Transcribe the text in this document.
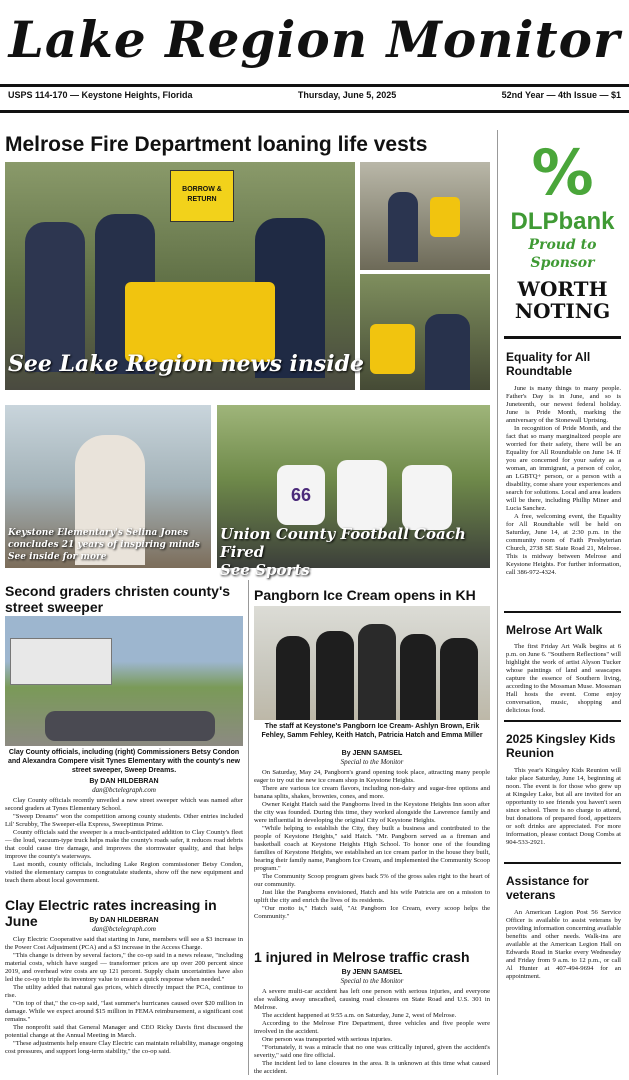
Lake Region Monitor
USPS 114-170 — Keystone Heights, Florida	Thursday, June 5, 2025	52nd Year — 4th Issue — $1
Melrose Fire Department loaning life vests
BORROW &
RETURN
See Lake Region news inside
Keystone Elementary's Selina Jones
concludes 21 years of inspiring minds
See inside for more
66
Union County Football Coach Fired
See Sports
Second graders christen county's street sweeper
Clay County officials, including (right) Commissioners Betsy Condon and Alexandra Compere visit Tynes Elementary with the county's new street sweeper, Sweep Dreams.
By DAN HILDEBRAN
dan@bctelegraph.com

Clay County officials recently unveiled a new street sweeper which was named after second graders at Tynes Elementary School.

"Sweep Dreams" won the competition among county students. Other entries included Lil' Scrubby, The Sweeper-ella Express, Sweeptimus Prime.

County officials said the sweeper is a much-anticipated addition to Clay County's fleet — the loud, vacuum-type truck helps make the county's roads safer, it reduces road debris that could cause tire damage, and improves the stormwater quality, and that helps improve the county's waterways.

Last month, county officials, including Lake Region commissioner Betsy Condon, visited the elementary campus to congratulate students, show off the new equipment and teach them about local government.

Clay Electric rates increasing in June	By DAN HILDEBRAN
dan@bctelegraph.com

Clay Electric Cooperative said that starting in June, members will see a $3 increase in the Power Cost Adjustment (PCA) and a $3 increase in the Access Charge.

"This change is driven by several factors," the co-op said in a news release, "including material costs, which have surged — transformer prices are up over 200 percent since 2019, and overhead wire costs are up 121 percent. Supply chain uncertainties have also led the co-op to triple its inventory value to ensure a quick response when needed."

The utility added that natural gas prices, which directly impact the PCA, continue to rise.

"On top of that," the co-op said, "last summer's hurricanes caused over $20 million in damage. While we expect around $15 million in FEMA reimbursement, a significant cost remains."

The nonprofit said that General Manager and CEO Ricky Davis first discussed the potential change at the Annual Meeting in March.

"These adjustments help ensure Clay Electric can maintain reliability, manage ongoing cost pressures, and support long-term stability," the co-op said.

Pangborn Ice Cream opens in KH
The staff at Keystone's Pangborn Ice Cream- Ashlyn Brown, Erik Fehley, Samm Fehley, Keith Hatch, Patricia Hatch and Emma Miller
By JENN SAMSEL
Special to the Monitor

On Saturday, May 24, Pangborn's grand opening took place, attracting many people eager to try out the new ice cream shop in Keystone Heights.

There are various ice cream flavors, including non-dairy and sugar-free options and banana splits, shakes, brownies, cones, and more.

Owner Keight Hatch said the Pangborns lived in the Keystone Heights Inn soon after the city was founded. During this time, they worked alongside the Lawrence family and were influential in developing the original City of Keystone Heights.

"While helping to establish the City, they built a business and contributed to the people of Keystone Heights," said Hatch. "Mr. Pangborn served as a fireman and basketball coach at Keystone Heights High School. To honor one of the founding families of Keystone Heights, we established an ice cream parlor in the house they built, bearing their family name, Pangborn Ice Cream, and implemented the Community Scoop program."

The Community Scoop program gives back 5% of the gross sales right to the heart of our community.

Just like the Pangborns envisioned, Hatch and his wife Patricia are on a mission to uplift the city and enrich the lives of its residents.

"Our motto is," Hatch said, "At Pangborn Ice Cream, every scoop helps the Community."

1 injured in Melrose traffic crash
By JENN SAMSEL
Special to the Monitor

A severe multi-car accident has left one person with serious injuries, and everyone else walking away unscathed, causing road closures on State Road and U.S. 301 in Melrose.

The accident happened at 9:55 a.m. on Saturday, June 2, west of Melrose.

According to the Melrose Fire Department, three vehicles and five people were involved in the accident.

One person was transported with serious injuries.

"Fortunately, it was a miracle that no one was critically injured, given the accident's severity," said one fire official.

The incident led to lane closures in the area. It is unknown at this time what caused the accident.

%
DLPbank
Proud to Sponsor
WORTH
NOTING
Equality for All Roundtable

June is many things to many people. Father's Day is in June, and so is Juneteenth, our newest federal holiday. June is Pride Month, marking the anniversary of the Stonewall Uprising.

In recognition of Pride Month, and the fact that so many marginalized people are worried for their safety, there will be an Equality for All Roundtable on June 14. If you are concerned for your safety as a woman, an immigrant, a person of color, an LGBTQ+ person, or a person with a disability, come share your experiences and search for solutions. Local and area leaders will be there, including Phillip Miner and Lucia Sanchez.

A free, welcoming event, the Equality for All Roundtable will be held on Saturday, June 14, at 2:30 p.m. in the community room of Faith Presbyterian Church, 2738 SE State Road 21, Melrose. This is midway between Melrose and Keystone Heights. For further information, call 386-972-4324.

Melrose Art Walk

The first Friday Art Walk begins at 6 p.m. on June 6. "Southern Reflections" will highlight the work of artist Alyson Tucker whose paintings of land and seascapes capture the essence of Southern living, according to the Mossman Muse. Mossman Hall hosts the event. Come enjoy conversation, music, shopping and delicious food.

2025 Kingsley Kids Reunion

This year's Kingsley Kids Reunion will take place Saturday, June 14, beginning at noon. The event is for those who grew up at Kingsley Lake, but all are invited for an opportunity to see friends you haven't seen since school. There is no charge to attend, but donations of prepared food, appetizers or soft drinks are appreciated. For more information, please contact Doug Combs at 904-533-2921.

Assistance for veterans

An American Legion Post 56 Service Officer is available to assist veterans by providing information concerning available benefits and other needs. Walk-ins are available at the American Legion Hall on Edwards Road in Starke every Wednesday and Friday from 9 a.m. to 12 p.m., or call Al Hunter at 407-494-9694 for an appointment.
